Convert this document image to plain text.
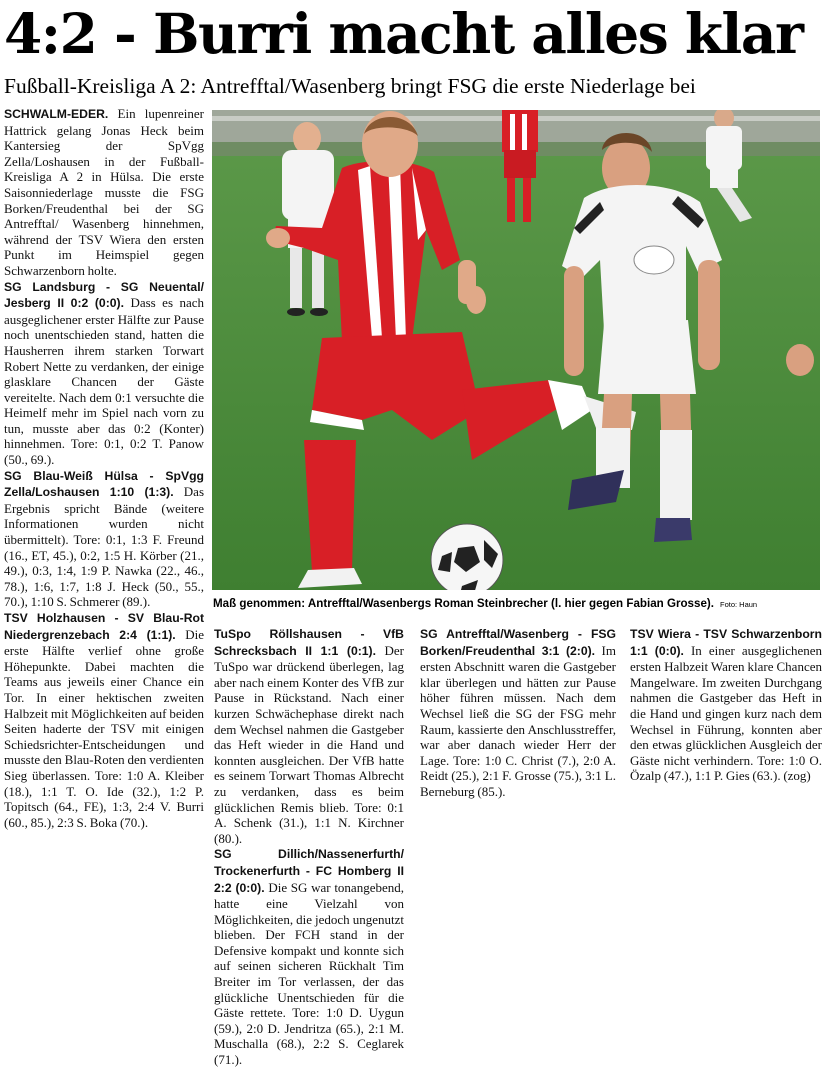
4:2 - Burri macht alles klar
Fußball-Kreisliga A 2: Antrefftal/Wasenberg bringt FSG die erste Niederlage bei

SCHWALM-EDER. Ein lupenreiner Hattrick gelang Jonas Heck beim Kantersieg der SpVgg Zella/Loshausen in der Fußball-Kreisliga A 2 in Hülsa. Die erste Saisonniederlage musste die FSG Borken/Freudenthal bei der SG Antrefftal/ Wasenberg hinnehmen, während der TSV Wiera den ersten Punkt im Heimspiel gegen Schwarzenborn holte.

SG Landsburg - SG Neuental/ Jesberg II 0:2 (0:0). Dass es nach ausgeglichener erster Hälfte zur Pause noch unentschieden stand, hatten die Hausherren ihrem starken Torwart Robert Nette zu verdanken, der einige glasklare Chancen der Gäste vereitelte. Nach dem 0:1 versuchte die Heimelf mehr im Spiel nach vorn zu tun, musste aber das 0:2 (Konter) hinnehmen. Tore: 0:1, 0:2 T. Panow (50., 69.).

SG Blau-Weiß Hülsa - SpVgg Zella/Loshausen 1:10 (1:3). Das Ergebnis spricht Bände (weitere Informationen wurden nicht übermittelt). Tore: 0:1, 1:3 F. Freund (16., ET, 45.), 0:2, 1:5 H. Körber (21., 49.), 0:3, 1:4, 1:9 P. Nawka (22., 46., 78.), 1:6, 1:7, 1:8 J. Heck (50., 55., 70.), 1:10 S. Schmerer (89.).

TSV Holzhausen - SV Blau-Rot Niedergrenzebach 2:4 (1:1). Die erste Hälfte verlief ohne große Höhepunkte. Dabei machten die Teams aus jeweils einer Chance ein Tor. In einer hektischen zweiten Halbzeit mit Möglichkeiten auf beiden Seiten haderte der TSV mit einigen Schiedsrichter-Entscheidungen und musste den Blau-Roten den verdienten Sieg überlassen. Tore: 1:0 A. Kleiber (18.), 1:1 T. O. Ide (32.), 1:2 P. Topitsch (64., FE), 1:3, 2:4 V. Burri (60., 85.), 2:3 S. Boka (70.).

Maß genommen: Antrefftal/Wasenbergs Roman Steinbrecher (l. hier gegen Fabian Grosse). Foto: Haun

TuSpo Röllshausen - VfB Schrecksbach II 1:1 (0:1). Der TuSpo war drückend überlegen, lag aber nach einem Konter des VfB zur Pause in Rückstand. Nach einer kurzen Schwächephase direkt nach dem Wechsel nahmen die Gastgeber das Heft wieder in die Hand und konnten ausgleichen. Der VfB hatte es seinem Torwart Thomas Albrecht zu verdanken, dass es beim glücklichen Remis blieb. Tore: 0:1 A. Schenk (31.), 1:1 N. Kirchner (80.).

SG Dillich/Nassenerfurth/ Trockenerfurth - FC Homberg II 2:2 (0:0). Die SG war tonangebend, hatte eine Vielzahl von Möglichkeiten, die jedoch ungenutzt blieben. Der FCH stand in der Defensive kompakt und konnte sich auf seinen sicheren Rückhalt Tim Breiter im Tor verlassen, der das glückliche Unentschieden für die Gäste rettete. Tore: 1:0 D. Uygun (59.), 2:0 D. Jendritza (65.), 2:1 M. Muschalla (68.), 2:2 S. Ceglarek (71.).

SG Antrefftal/Wasenberg - FSG Borken/Freudenthal 3:1 (2:0). Im ersten Abschnitt waren die Gastgeber klar überlegen und hätten zur Pause höher führen müssen. Nach dem Wechsel ließ die SG der FSG mehr Raum, kassierte den Anschlusstreffer, war aber danach wieder Herr der Lage. Tore: 1:0 C. Christ (7.), 2:0 A. Reidt (25.), 2:1 F. Grosse (75.), 3:1 L. Berneburg (85.).

TSV Wiera - TSV Schwarzenborn 1:1 (0:0). In einer ausgeglichenen ersten Halbzeit Waren klare Chancen Mangelware. Im zweiten Durchgang nahmen die Gastgeber das Heft in die Hand und gingen kurz nach dem Wechsel in Führung, konnten aber den etwas glücklichen Ausgleich der Gäste nicht verhindern. Tore: 1:0 O. Özalp (47.), 1:1 P. Gies (63.). (zog)
